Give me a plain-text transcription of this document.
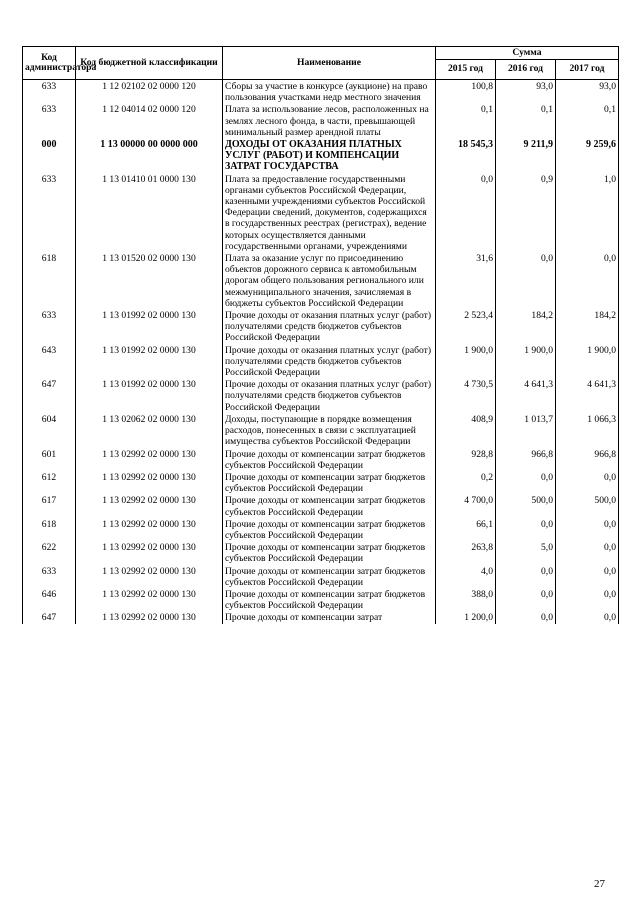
Код администратора	Код бюджетной классификации	Наименование	Сумма		
			2015 год	2016 год	2017 год
633	1 12 02102 02 0000 120	Сборы за участие в конкурсе (аукционе) на право пользования участками недр местного значения	100,8	93,0	93,0
633	1 12 04014 02 0000 120	Плата за использование лесов, расположенных на землях лесного фонда, в части, превышающей минимальный размер арендной платы	0,1	0,1	0,1
000	1 13 00000 00 0000 000	ДОХОДЫ ОТ ОКАЗАНИЯ ПЛАТНЫХ УСЛУГ (РАБОТ) И КОМПЕНСАЦИИ ЗАТРАТ ГОСУДАРСТВА	18 545,3	9 211,9	9 259,6
633	1 13 01410 01 0000 130	Плата за предоставление государственными органами субъектов Российской Федерации, казенными учреждениями субъектов Российской Федерации сведений, документов, содержащихся в государственных реестрах (регистрах), ведение которых осуществляется данными государственными органами, учреждениями	0,0	0,9	1,0
618	1 13 01520 02 0000 130	Плата за оказание услуг по присоединению объектов дорожного сервиса к автомобильным дорогам общего пользования регионального или межмуниципального значения, зачисляемая в бюджеты субъектов Российской Федерации	31,6	0,0	0,0
633	1 13 01992 02 0000 130	Прочие доходы от оказания платных услуг (работ) получателями средств бюджетов субъектов Российской Федерации	2 523,4	184,2	184,2
643	1 13 01992 02 0000 130	Прочие доходы от оказания платных услуг (работ) получателями средств бюджетов субъектов Российской Федерации	1 900,0	1 900,0	1 900,0
647	1 13 01992 02 0000 130	Прочие доходы от оказания платных услуг (работ) получателями средств бюджетов субъектов Российской Федерации	4 730,5	4 641,3	4 641,3
604	1 13 02062 02 0000 130	Доходы, поступающие в порядке возмещения расходов, понесенных в связи с эксплуатацией имущества субъектов Российской Федерации	408,9	1 013,7	1 066,3
601	1 13 02992 02 0000 130	Прочие доходы от компенсации затрат бюджетов субъектов Российской Федерации	928,8	966,8	966,8
612	1 13 02992 02 0000 130	Прочие доходы от компенсации затрат бюджетов субъектов Российской Федерации	0,2	0,0	0,0
617	1 13 02992 02 0000 130	Прочие доходы от компенсации затрат бюджетов субъектов Российской Федерации	4 700,0	500,0	500,0
618	1 13 02992 02 0000 130	Прочие доходы от компенсации затрат бюджетов субъектов Российской Федерации	66,1	0,0	0,0
622	1 13 02992 02 0000 130	Прочие доходы от компенсации затрат бюджетов субъектов Российской Федерации	263,8	5,0	0,0
633	1 13 02992 02 0000 130	Прочие доходы от компенсации затрат бюджетов субъектов Российской Федерации	4,0	0,0	0,0
646	1 13 02992 02 0000 130	Прочие доходы от компенсации затрат бюджетов субъектов Российской Федерации	388,0	0,0	0,0
647	1 13 02992 02 0000 130	Прочие доходы от компенсации затрат	1 200,0	0,0	0,0
27
